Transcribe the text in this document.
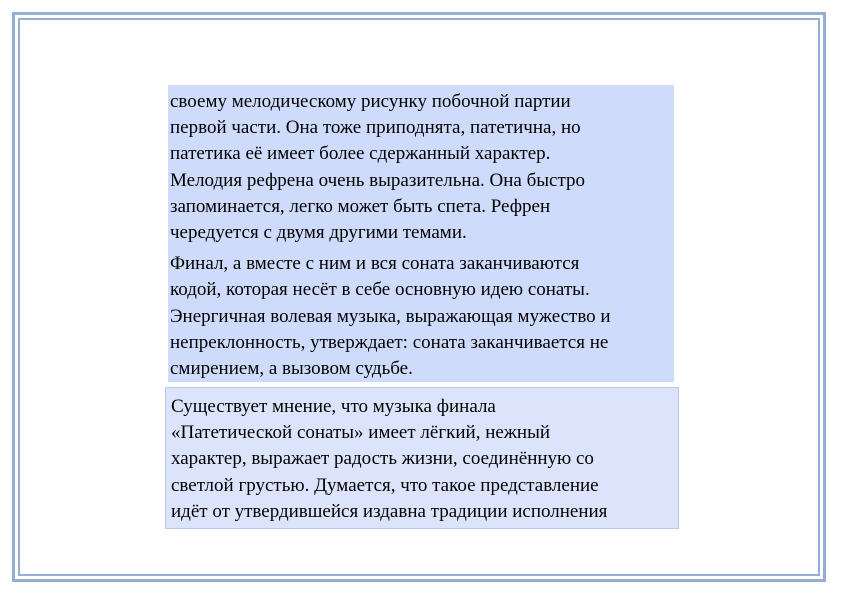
своему мелодическому рисунку побочной партии
первой части. Она тоже приподнята, патетична, но
патетика её имеет более сдержанный характер.
Мелодия рефрена очень выразительна. Она быстро
запоминается, легко может быть спета. Рефрен
чередуется с двумя другими темами.

Финал, а вместе с ним и вся соната заканчиваются
кодой, которая несёт в себе основную идею сонаты.
Энергичная волевая музыка, выражающая мужество и
непреклонность, утверждает: соната заканчивается не
смирением, а вызовом судьбе.

Существует мнение, что музыка финала
«Патетической сонаты» имеет лёгкий, нежный
характер, выражает радость жизни, соединённую со
светлой грустью. Думается, что такое представление
идёт от утвердившейся издавна традиции исполнения
